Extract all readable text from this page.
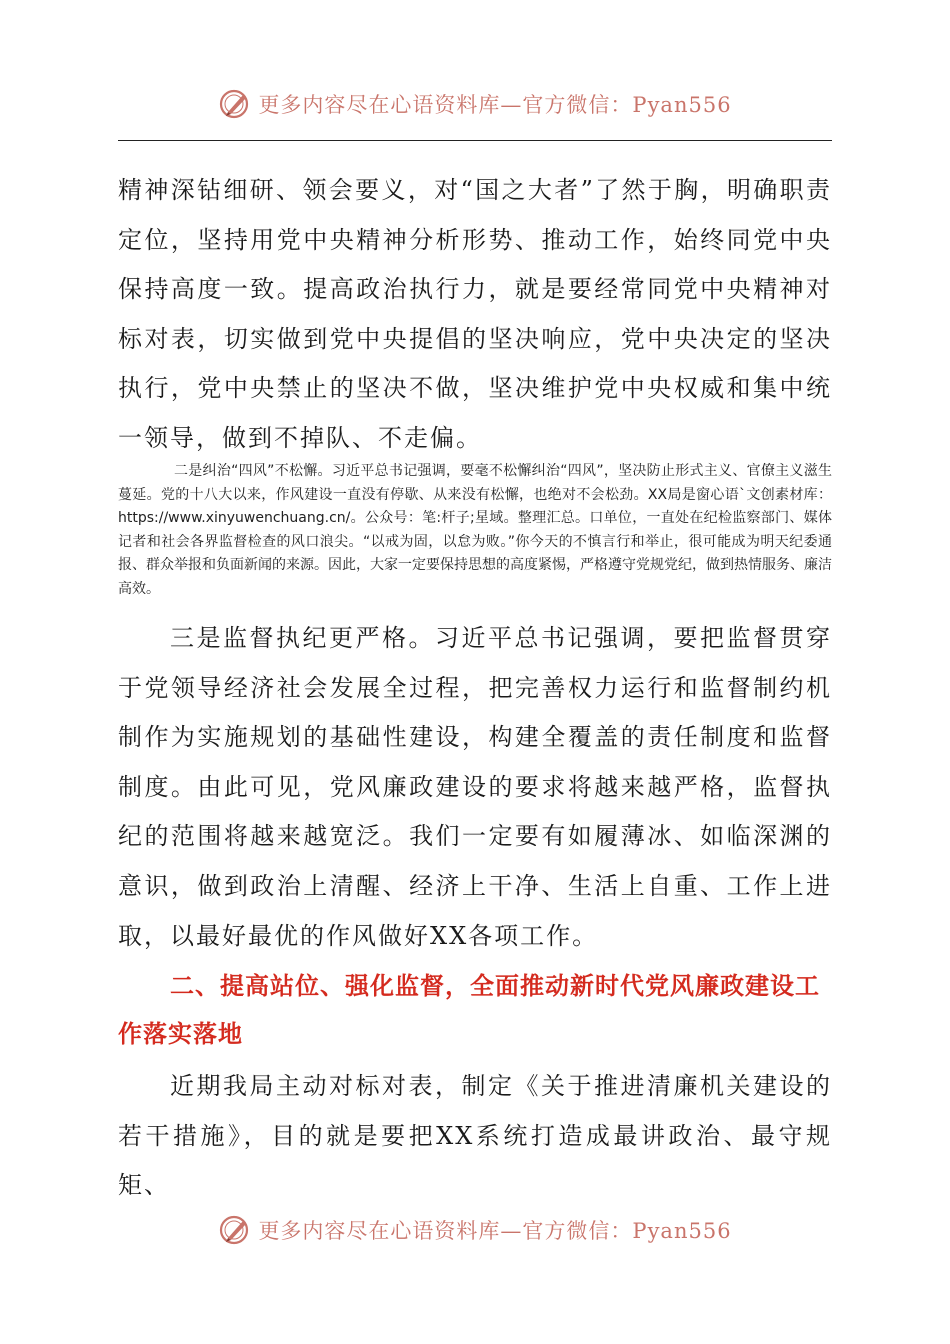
更多内容尽在心语资料库—官方微信：Pyan556

精神深钻细研、领会要义，对“国之大者”了然于胸，明确职责定位，坚持用党中央精神分析形势、推动工作，始终同党中央保持高度一致。提高政治执行力，就是要经常同党中央精神对标对表，切实做到党中央提倡的坚决响应，党中央决定的坚决执行，党中央禁止的坚决不做，坚决维护党中央权威和集中统一领导，做到不掉队、不走偏。

二是纠治“四风”不松懈。习近平总书记强调，要毫不松懈纠治“四风”，坚决防止形式主义、官僚主义滋生蔓延。党的十八大以来，作风建设一直没有停歇、从来没有松懈，也绝对不会松劲。XX局是窗心语`文创素材库：https://www.xinyuwenchuang.cn/。公众号：笔:杆子;星域。整理汇总。口单位，一直处在纪检监察部门、媒体记者和社会各界监督检查的风口浪尖。“以戒为固，以怠为败。”你今天的不慎言行和举止，很可能成为明天纪委通报、群众举报和负面新闻的来源。因此，大家一定要保持思想的高度紧惕，严格遵守党规党纪，做到热情服务、廉洁高效。

三是监督执纪更严格。习近平总书记强调，要把监督贯穿于党领导经济社会发展全过程，把完善权力运行和监督制约机制作为实施规划的基础性建设，构建全覆盖的责任制度和监督制度。由此可见，党风廉政建设的要求将越来越严格，监督执纪的范围将越来越宽泛。我们一定要有如履薄冰、如临深渊的意识，做到政治上清醒、经济上干净、生活上自重、工作上进取，以最好最优的作风做好XX各项工作。

二、提高站位、强化监督，全面推动新时代党风廉政建设工作落实落地

近期我局主动对标对表，制定《关于推进清廉机关建设的若干措施》，目的就是要把XX系统打造成最讲政治、最守规矩、

更多内容尽在心语资料库—官方微信：Pyan556
